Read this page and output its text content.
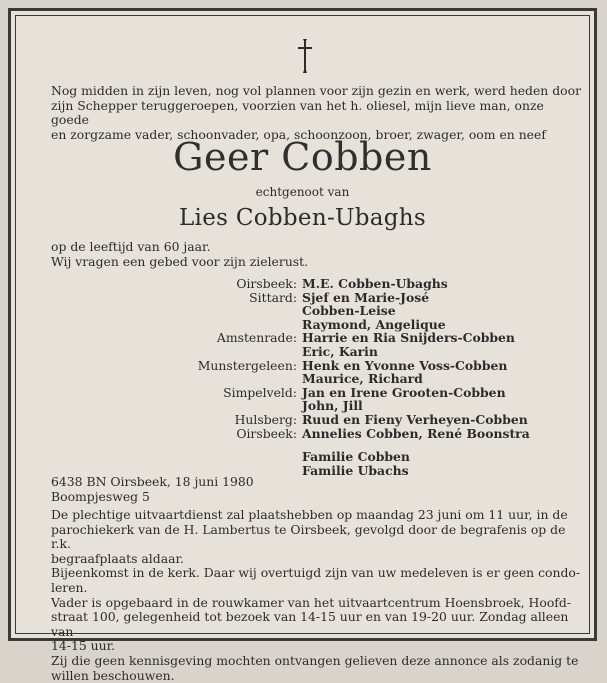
Nog midden in zijn leven, nog vol plannen voor zijn gezin en werk, werd heden door
zijn Schepper teruggeroepen, voorzien van het h. oliesel, mijn lieve man, onze goede
en zorgzame vader, schoonvader, opa, schoonzoon, broer, zwager, oom en neef
Geer Cobben
echtgenoot van
Lies Cobben-Ubaghs
op de leeftijd van 60 jaar.
Wij vragen een gebed voor zijn zielerust.
Oirsbeek: M.E. Cobben-Ubaghs
Sittard: Sjef en Marie-José
Cobben-Leise
Raymond, Angelique
Amstenrade: Harrie en Ria Snijders-Cobben
Eric, Karin
Munstergeleen: Henk en Yvonne Voss-Cobben
Maurice, Richard
Simpelveld: Jan en Irene Grooten-Cobben
John, Jill
Hulsberg: Ruud en Fieny Verheyen-Cobben
Oirsbeek: Annelies Cobben, René Boonstra
Familie Cobben
Familie Ubachs
6438 BN Oirsbeek, 18 juni 1980
Boompjesweg 5
De plechtige uitvaartdienst zal plaatshebben op maandag 23 juni om 11 uur, in de
parochiekerk van de H. Lambertus te Oirsbeek, gevolgd door de begrafenis op de r.k.
begraafplaats aldaar.
Bijeenkomst in de kerk. Daar wij overtuigd zijn van uw medeleven is er geen condo-
leren.
Vader is opgebaard in de rouwkamer van het uitvaartcentrum Hoensbroek, Hoofd-
straat 100, gelegenheid tot bezoek van 14-15 uur en van 19-20 uur. Zondag alleen van
14-15 uur.
Zij die geen kennisgeving mochten ontvangen gelieven deze annonce als zodanig te
willen beschouwen.
